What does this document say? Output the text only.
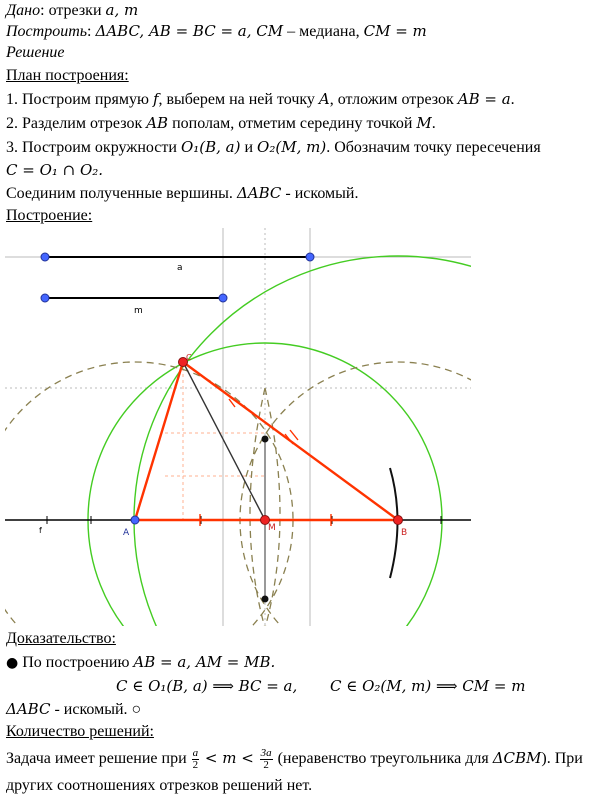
Дано: отрезки a, m
Построить: ΔABC, AB = BC = a, CM – медиана, CM = m
Решение
План построения:
1. Построим прямую f, выберем на ней точку A, отложим отрезок AB = a.
2. Разделим отрезок AB пополам, отметим середину точкой M.
3. Построим окружности O₁(B, a) и O₂(M, m). Обозначим точку пересечения
C = O₁ ∩ O₂.
Соединим полученные вершины. ΔABC - искомый.
Построение:
a
m
f	A	B
C
M
Доказательство:
● По построению AB = a, AM = MB.
C ∈ O₁(B, a) ⟹ BC = a, C ∈ O₂(M, m) ⟹ CM = m
ΔABC - искомый. ○
Количество решений:
Задача имеет решение при $\frac{a}{2} < m < \frac{3a}{2}$ (неравенство треугольника для ΔCBM). При
других соотношениях отрезков решений нет.
